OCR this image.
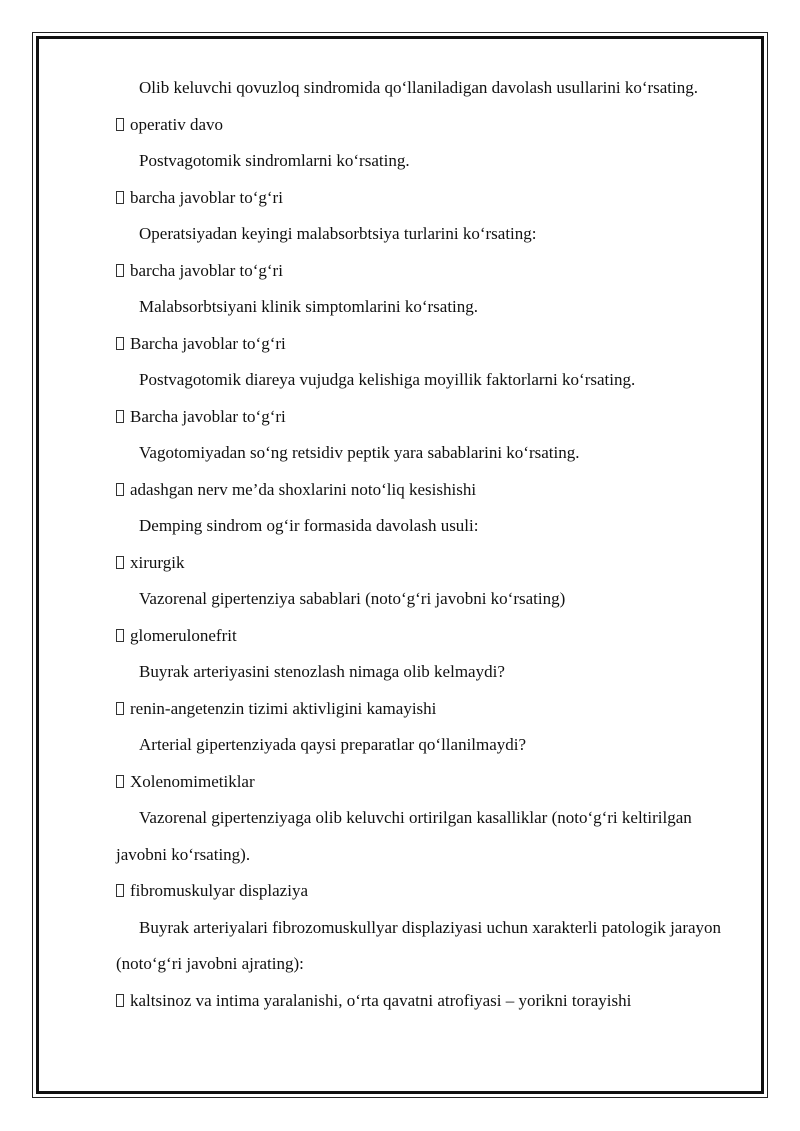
Olib keluvchi qovuzloq sindromida qo‘llaniladigan davolash usullarini ko‘rsating.

operativ davo

Postvagotomik sindromlarni ko‘rsating.

barcha javoblar to‘g‘ri

Operatsiyadan keyingi malabsorbtsiya turlarini ko‘rsating:

barcha javoblar to‘g‘ri

Malabsorbtsiyani klinik simptomlarini ko‘rsating.

Barcha javoblar to‘g‘ri

Postvagotomik diareya vujudga kelishiga moyillik faktorlarni ko‘rsating.

Barcha javoblar to‘g‘ri

Vagotomiyadan so‘ng retsidiv peptik yara sabablarini ko‘rsating.

adashgan nerv me’da shoxlarini noto‘liq kesishishi

Demping sindrom og‘ir formasida davolash usuli:

xirurgik

Vazorenal gipertenziya sabablari (noto‘g‘ri javobni ko‘rsating)

glomerulonefrit

Buyrak arteriyasini stenozlash nimaga olib kelmaydi?

renin-angetenzin tizimi aktivligini kamayishi

Arterial gipertenziyada qaysi preparatlar qo‘llanilmaydi?

Xolenomimetiklar

Vazorenal gipertenziyaga olib keluvchi ortirilgan kasalliklar (noto‘g‘ri keltirilgan javobni ko‘rsating).

fibromuskulyar displaziya

Buyrak arteriyalari fibrozomuskullyar displaziyasi uchun xarakterli patologik jarayon (noto‘g‘ri javobni ajrating):

kaltsinoz va intima yaralanishi, o‘rta qavatni atrofiyasi – yorikni torayishi
